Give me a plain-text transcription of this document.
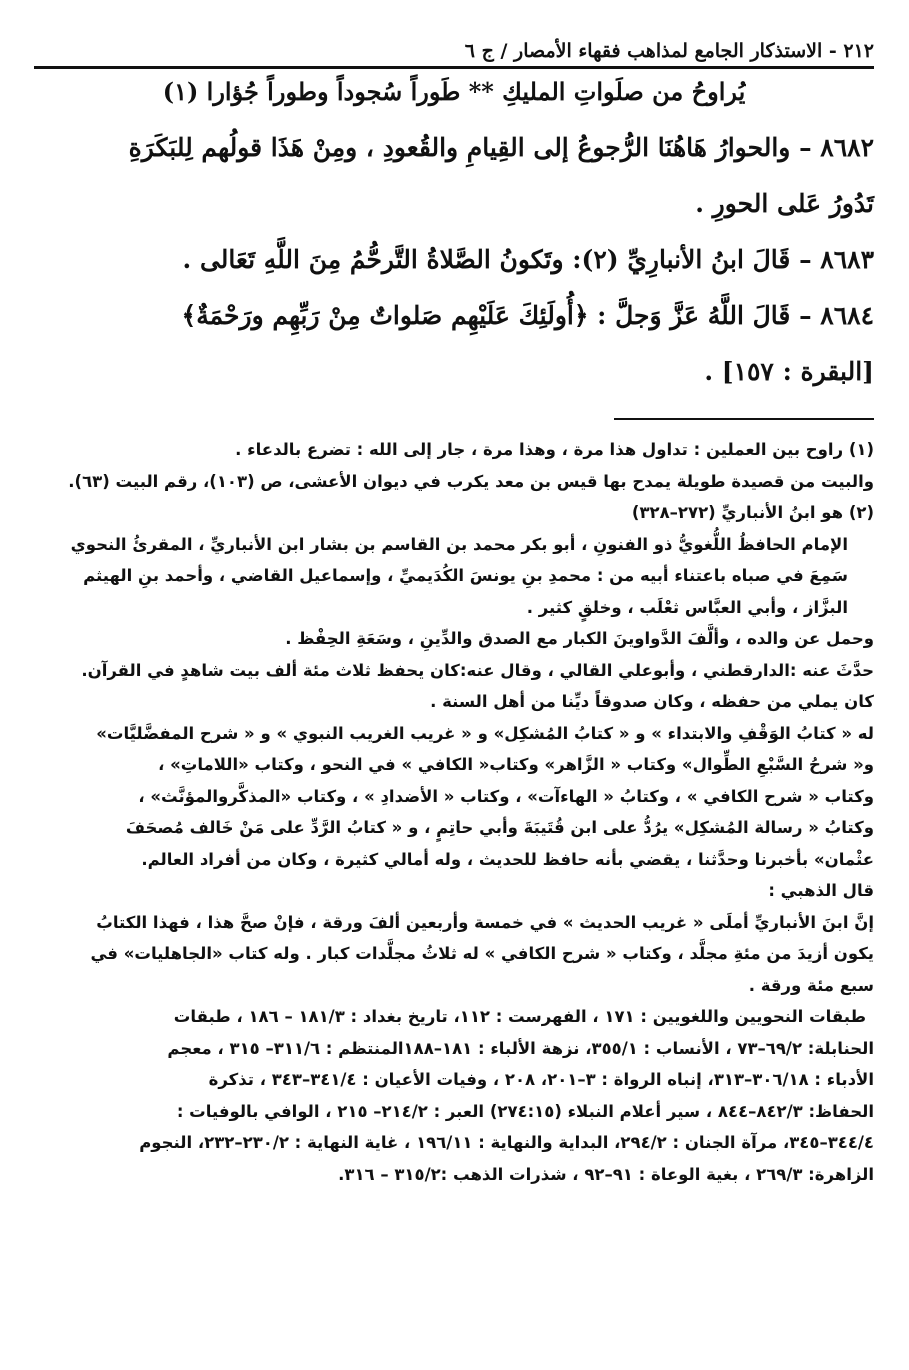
٢١٢ - الاستذكار الجامع لمذاهب فقهاء الأمصار / ج ٦
يُراوحُ من صلَواتِ المليكِ ** طَوراً سُجوداً وطوراً جُؤارا (١)
٨٦٨٢ – والحوارُ هَاهُنَا الرُّجوعُ إلى القِيامِ والقُعودِ ، ومِنْ هَذَا قولُهم لِلبَكَرَةِ
تَدُورُ عَلى الحورِ .
٨٦٨٣ – قَالَ ابنُ الأنبارِيِّ (٢): وتَكونُ الصَّلاةُ التَّرحُّمُ مِنَ اللَّهِ تَعَالى .
٨٦٨٤ – قَالَ اللَّهُ عَزَّ وَجلَّ : ﴿أُولَئِكَ عَلَيْهِم صَلواتٌ مِنْ رَبِّهِم ورَحْمَةٌ﴾
[البقرة : ١٥٧] .
(١) راوح بين العملين : تداول هذا مرة ، وهذا مرة ، جار إلى الله : تضرع بالدعاء .
والبيت من قصيدة طويلة يمدح بها قيس بن معد يكرب في ديوان الأعشى، ص (١٠٣)، رقم البيت (٦٣).
(٢) هو ابنُ الأنباريِّ (٢٧٢–٣٢٨)
الإمام الحافظُ اللُّغويُّ ذو الفنونِ ، أبو بكر محمد بن القاسم بن بشار ابن الأنباريِّ ، المقرئُ النحوي
سَمِعَ في صباه باعتناء أبيه من : محمدِ بنِ يونسَ الكُدَيميِّ ، وإسماعيل القاضي ، وأحمد بنِ الهيثم
البزَّاز ، وأبي العبَّاس ثعْلَب ، وخلقٍ كثير .
وحمل عن والده ، وألَّفَ الدَّواوينَ الكبار مع الصدق والدِّينِ ، وسَعَةِ الحِفْظ .
حدَّثَ عنه :الدارقطني ، وأبوعلي القالي ، وقال عنه:كان يحفظ ثلاث مئة ألف بيت شاهدٍ في القرآن.
كان يملي من حفظه ، وكان صدوقاً ديِّنا من أهل السنة .
له « كتابُ الوَقْفِ والابتداء » و « كتابُ المُشكِل» و « غريب الغريب النبوي » و « شرح المفضَّليَّات»
و« شرحُ السَّبْعِ الطِّوال» وكتاب « الزَّاهر» وكتاب« الكافي » في النحو ، وكتاب «اللاماتِ» ،
وكتاب « شرح الكافي » ، وكتابُ « الهاءآت» ، وكتاب « الأضدادِ » ، وكتاب «المذكَّروالمؤنَّث» ،
وكتابُ « رسالة المُشكِل» يرُدُّ على ابن قُتَيبَةَ وأبي حاتِمٍ ، و « كتابُ الرَّدِّ على مَنْ خَالف مُصحَفَ
عثْمان» بأخبرنا وحدَّثنا ، يقضي بأنه حافظ للحديث ، وله أمالي كثيرة ، وكان من أفراد العالم.
قال الذهبي :
إنَّ ابنَ الأنباريِّ أملَى « غريب الحديث » في خمسة وأربعين ألفَ ورقة ، فإنْ صحَّ هذا ، فهذا الكتابُ
يكون أزيدَ من مئةِ مجلَّد ، وكتاب « شرح الكافي » له ثلاثُ مجلَّدات كبار . وله كتاب «الجاهليات» في
سبع مئة ورقة .
طبقات النحويين واللغويين : ١٧١ ، الفهرست : ١١٢، تاريخ بغداد : ١٨١/٣ – ١٨٦ ، طبقات
الحنابلة: ٦٩/٢–٧٣ ، الأنساب : ٣٥٥/١، نزهة الألباء : ١٨١–١٨٨المنتظم : ٣١١/٦– ٣١٥ ، معجم
الأدباء : ٣٠٦/١٨–٣١٣، إنباه الرواة : ٣–٢٠١، ٢٠٨ ، وفيات الأعيان : ٣٤١/٤–٣٤٣ ، تذكرة
الحفاظ: ٨٤٢/٣–٨٤٤ ، سير أعلام النبلاء (٢٧٤:١٥) العبر : ٢١٤/٢– ٢١٥ ، الوافي بالوفيات :
٣٤٤/٤–٣٤٥، مرآة الجنان : ٢٩٤/٢، البداية والنهاية : ١٩٦/١١ ، غاية النهاية : ٢٣٠/٢–٢٣٢، النجوم
الزاهرة: ٢٦٩/٣ ، بغية الوعاة : ٩١–٩٢ ، شذرات الذهب :٣١٥/٢ – ٣١٦.
